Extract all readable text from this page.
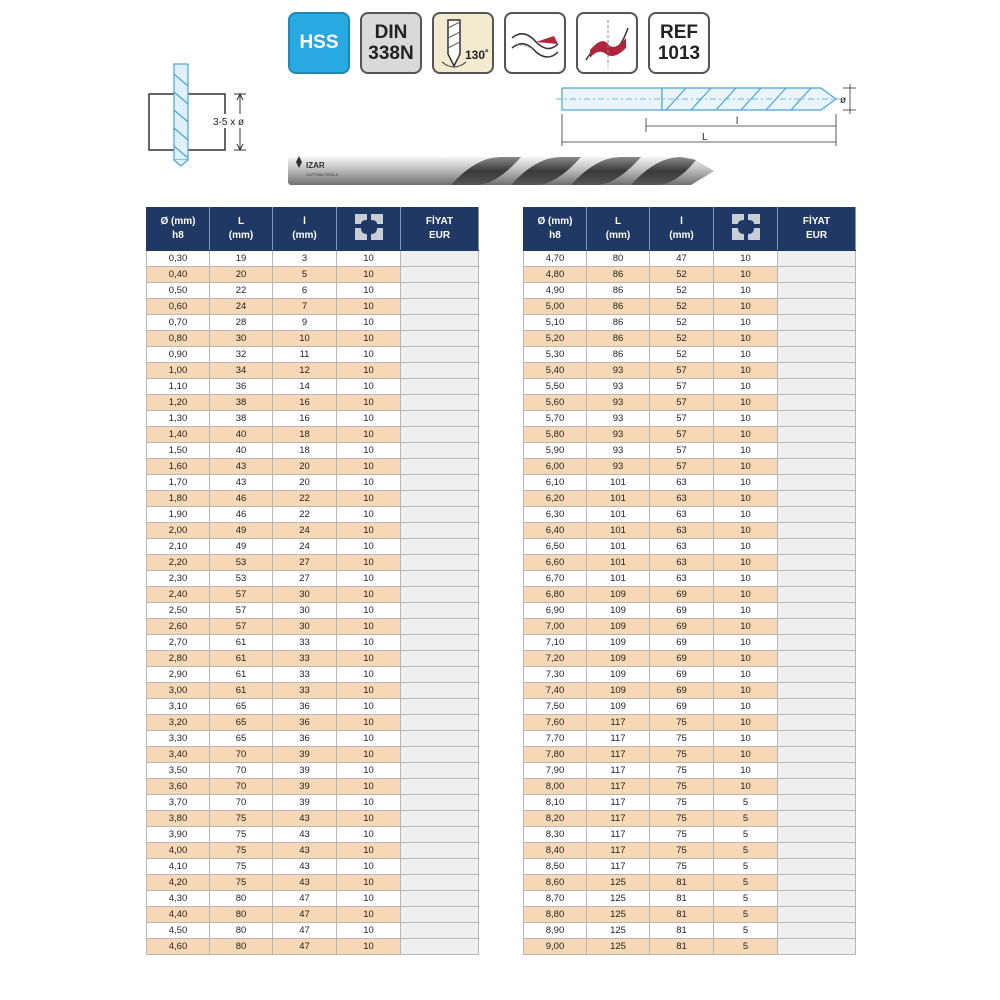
HSS DIN
338N	130˚
REF
1013
3-5 x ø
ø
l
L
IZAR
CUTTING TOOLS
Ø (mm)
h8	L
(mm)	l
(mm)		FİYAT
EUR
0,30	19	3	10	
0,40	20	5	10	
0,50	22	6	10	
0,60	24	7	10	
0,70	28	9	10	
0,80	30	10	10	
0,90	32	11	10	
1,00	34	12	10	
1,10	36	14	10	
1,20	38	16	10	
1,30	38	16	10	
1,40	40	18	10	
1,50	40	18	10	
1,60	43	20	10	
1,70	43	20	10	
1,80	46	22	10	
1,90	46	22	10	
2,00	49	24	10	
2,10	49	24	10	
2,20	53	27	10	
2,30	53	27	10	
2,40	57	30	10	
2,50	57	30	10	
2,60	57	30	10	
2,70	61	33	10	
2,80	61	33	10	
2,90	61	33	10	
3,00	61	33	10	
3,10	65	36	10	
3,20	65	36	10	
3,30	65	36	10	
3,40	70	39	10	
3,50	70	39	10	
3,60	70	39	10	
3,70	70	39	10	
3,80	75	43	10	
3,90	75	43	10	
4,00	75	43	10	
4,10	75	43	10	
4,20	75	43	10	
4,30	80	47	10	
4,40	80	47	10	
4,50	80	47	10	
4,60	80	47	10	
Ø (mm)
h8	L
(mm)	l
(mm)		FİYAT
EUR
4,70	80	47	10	
4,80	86	52	10	
4,90	86	52	10	
5,00	86	52	10	
5,10	86	52	10	
5,20	86	52	10	
5,30	86	52	10	
5,40	93	57	10	
5,50	93	57	10	
5,60	93	57	10	
5,70	93	57	10	
5,80	93	57	10	
5,90	93	57	10	
6,00	93	57	10	
6,10	101	63	10	
6,20	101	63	10	
6,30	101	63	10	
6,40	101	63	10	
6,50	101	63	10	
6,60	101	63	10	
6,70	101	63	10	
6,80	109	69	10	
6,90	109	69	10	
7,00	109	69	10	
7,10	109	69	10	
7,20	109	69	10	
7,30	109	69	10	
7,40	109	69	10	
7,50	109	69	10	
7,60	117	75	10	
7,70	117	75	10	
7,80	117	75	10	
7,90	117	75	10	
8,00	117	75	10	
8,10	117	75	5	
8,20	117	75	5	
8,30	117	75	5	
8,40	117	75	5	
8,50	117	75	5	
8,60	125	81	5	
8,70	125	81	5	
8,80	125	81	5	
8,90	125	81	5	
9,00	125	81	5	
